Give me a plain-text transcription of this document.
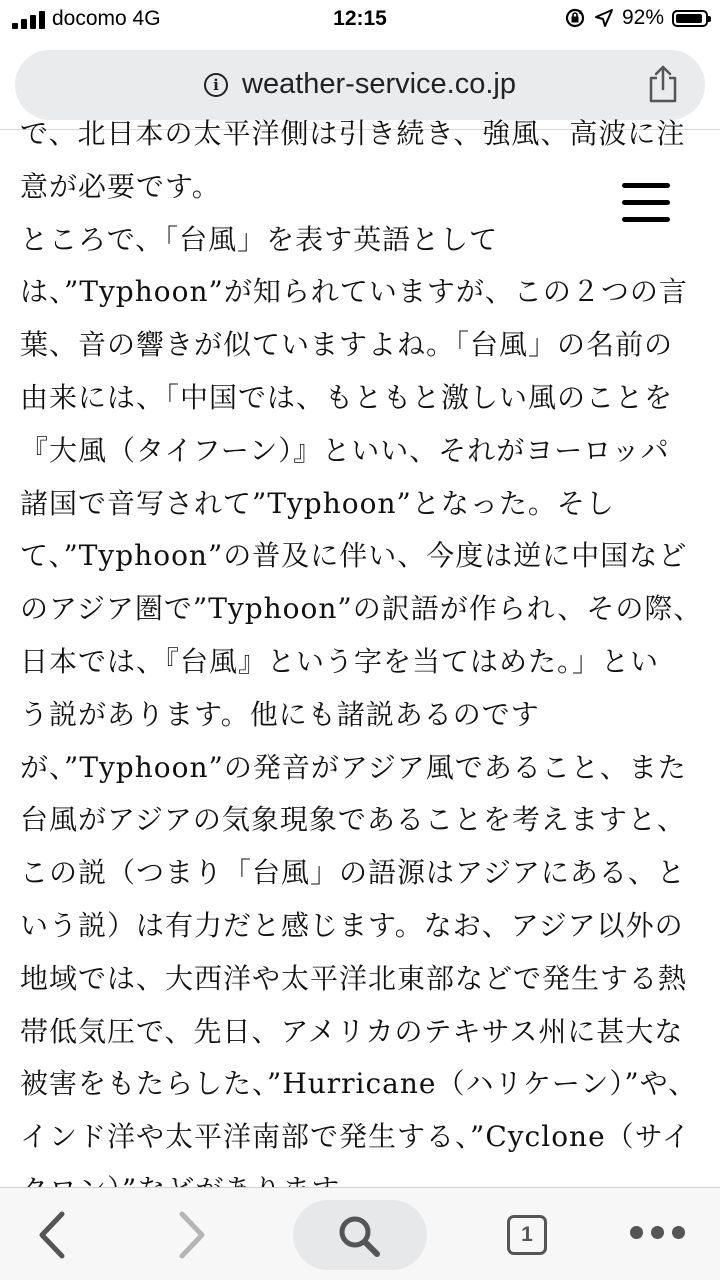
docomo 4G	12:15	92%
i weather-service.co.jp
で、北日本の太平洋側は引き続き、強風、高波に注
意が必要です。
ところで、「台風」を表す英語として
は、”Typhoon”が知られていますが、この２つの言
葉、音の響きが似ていますよね。「台風」の名前の
由来には、「中国では、もともと激しい風のことを
『大風（タイフーン）』といい、それがヨーロッパ
諸国で音写されて”Typhoon”となった。そし
て、”Typhoon”の普及に伴い、今度は逆に中国など
のアジア圏で”Typhoon”の訳語が作られ、その際、
日本では、『台風』という字を当てはめた。」とい
う説があります。他にも諸説あるのです
が、”Typhoon”の発音がアジア風であること、また
台風がアジアの気象現象であることを考えますと、
この説（つまり「台風」の語源はアジアにある、と
いう説）は有力だと感じます。なお、アジア以外の
地域では、大西洋や太平洋北東部などで発生する熱
帯低気圧で、先日、アメリカのテキサス州に甚大な
被害をもたらした、”Hurricane（ハリケーン）”や、
インド洋や太平洋南部で発生する、”Cyclone（サイ
1
